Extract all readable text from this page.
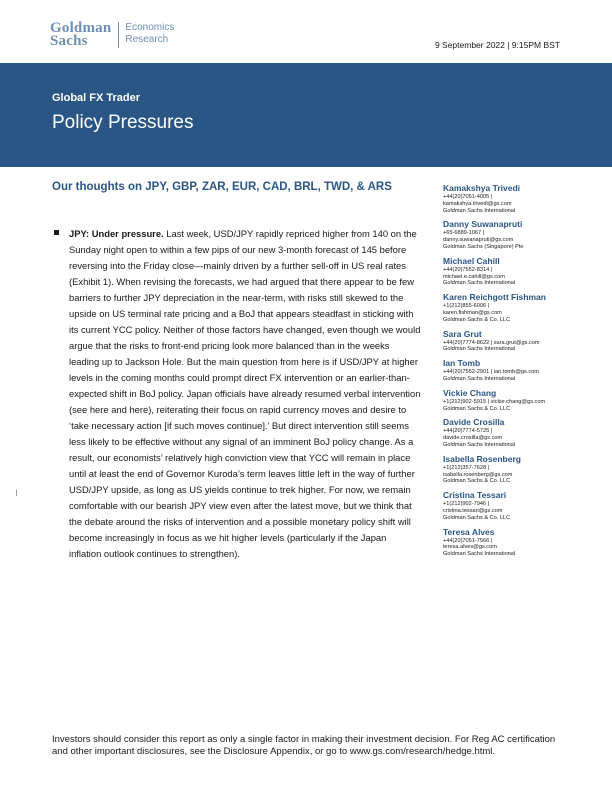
Goldman
Sachs
Economics
Research
9 September 2022 | 9:15PM BST
Global FX Trader
Policy Pressures
Our thoughts on JPY, GBP, ZAR, EUR, CAD, BRL, TWD, & ARS
JPY: Under pressure. Last week, USD/JPY rapidly repriced higher from 140 on the Sunday night open to within a few pips of our new 3-month forecast of 145 before reversing into the Friday close—mainly driven by a further sell-off in US real rates (Exhibit 1). When revising the forecasts, we had argued that there appear to be few barriers to further JPY depreciation in the near-term, with risks still skewed to the upside on US terminal rate pricing and a BoJ that appears steadfast in sticking with its current YCC policy. Neither of those factors have changed, even though we would argue that the risks to front-end pricing look more balanced than in the weeks leading up to Jackson Hole. But the main question from here is if USD/JPY at higher levels in the coming months could prompt direct FX intervention or an earlier-than-expected shift in BoJ policy. Japan officials have already resumed verbal intervention (see here and here), reiterating their focus on rapid currency moves and desire to ‘take necessary action [if such moves continue].’ But direct intervention still seems less likely to be effective without any signal of an imminent BoJ policy change. As a result, our economists’ relatively high conviction view that YCC will remain in place until at least the end of Governor Kuroda’s term leaves little left in the way of further USD/JPY upside, as long as US yields continue to trek higher. For now, we remain comfortable with our bearish JPY view even after the latest move, but we think that the debate around the risks of intervention and a possible monetary policy shift will become increasingly in focus as we hit higher levels (particularly if the Japan inflation outlook continues to strengthen).
Kamakshya Trivedi
+44(20)7051-4005 |
kamakshya.trivedi@gs.com
Goldman Sachs International
Danny Suwanapruti
+65-6889-1067 |
danny.suwanapruti@gs.com
Goldman Sachs (Singapore) Pte
Michael Cahill
+44(20)7552-8314 |
michael.e.cahill@gs.com
Goldman Sachs International
Karen Reichgott Fishman
+1(212)855-6006 |
karen.fishman@gs.com
Goldman Sachs & Co. LLC
Sara Grut
+44(20)7774-8622 | sara.grut@gs.com
Goldman Sachs International
Ian Tomb
+44(20)7552-2901 | ian.tomb@gs.com
Goldman Sachs International
Vickie Chang
+1(212)902-5915 | vickie.chang@gs.com
Goldman Sachs & Co. LLC
Davide Crosilla
+44(20)7774-5725 |
davide.crosilla@gs.com
Goldman Sachs International
Isabella Rosenberg
+1(212)357-7628 |
isabella.rosenberg@gs.com
Goldman Sachs & Co. LLC
Cristina Tessari
+1(212)902-7946 |
cristina.tessari@gs.com
Goldman Sachs & Co. LLC
Teresa Alves
+44(20)7051-7566 |
teresa.alves@gs.com
Goldman Sachs International
Investors should consider this report as only a single factor in making their investment decision. For Reg AC certification and other important disclosures, see the Disclosure Appendix, or go to www.gs.com/research/hedge.html.
